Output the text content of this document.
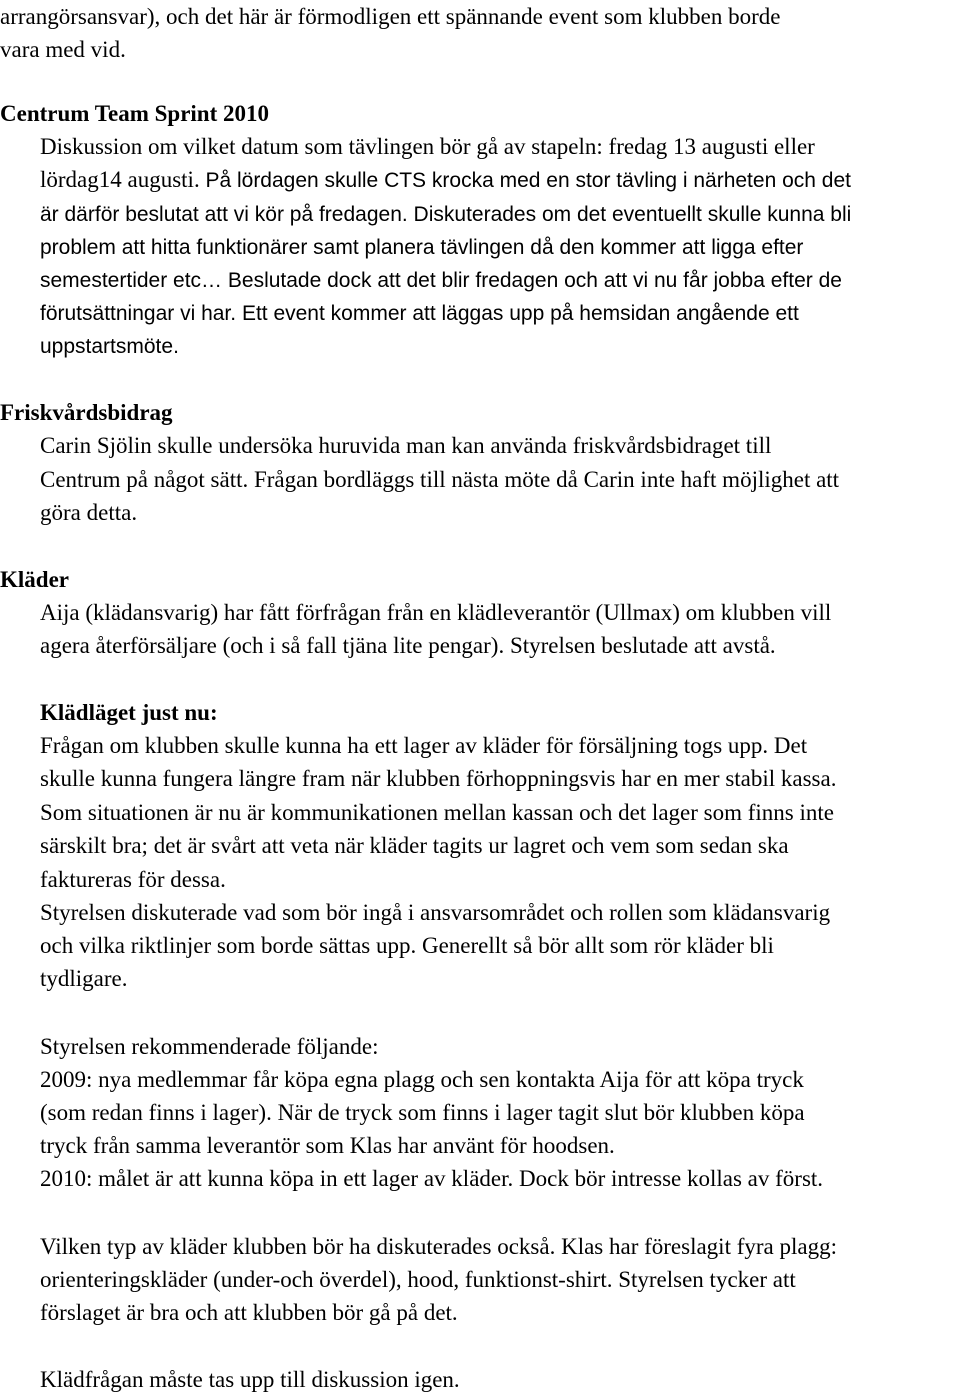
arrangörsansvar), och det här är förmodligen ett spännande event som klubben borde
vara med vid.
Centrum Team Sprint 2010
Diskussion om vilket datum som tävlingen bör gå av stapeln: fredag 13 augusti eller
lördag14 augusti. På lördagen skulle CTS krocka med en stor tävling i närheten och det
är därför beslutat att vi kör på fredagen. Diskuterades om det eventuellt skulle kunna bli
problem att hitta funktionärer samt planera tävlingen då den kommer att ligga efter
semestertider etc… Beslutade dock att det blir fredagen och att vi nu får jobba efter de
förutsättningar vi har. Ett event kommer att läggas upp på hemsidan angående ett
uppstartsmöte.
Friskvårdsbidrag
Carin Sjölin skulle undersöka huruvida man kan använda friskvårdsbidraget till
Centrum på något sätt. Frågan bordläggs till nästa möte då Carin inte haft möjlighet att
göra detta.
Kläder
Aija (klädansvarig) har fått förfrågan från en klädleverantör (Ullmax) om klubben vill
agera återförsäljare (och i så fall tjäna lite pengar). Styrelsen beslutade att avstå.
Klädläget just nu:
Frågan om klubben skulle kunna ha ett lager av kläder för försäljning togs upp. Det
skulle kunna fungera längre fram när klubben förhoppningsvis har en mer stabil kassa.
Som situationen är nu är kommunikationen mellan kassan och det lager som finns inte
särskilt bra; det är svårt att veta när kläder tagits ur lagret och vem som sedan ska
faktureras för dessa.
Styrelsen diskuterade vad som bör ingå i ansvarsområdet och rollen som klädansvarig
och vilka riktlinjer som borde sättas upp. Generellt så bör allt som rör kläder bli
tydligare.
Styrelsen rekommenderade följande:
2009: nya medlemmar får köpa egna plagg och sen kontakta Aija för att köpa tryck
(som redan finns i lager). När de tryck som finns i lager tagit slut bör klubben köpa
tryck från samma leverantör som Klas har använt för hoodsen.
2010: målet är att kunna köpa in ett lager av kläder. Dock bör intresse kollas av först.
Vilken typ av kläder klubben bör ha diskuterades också. Klas har föreslagit fyra plagg:
orienteringskläder (under-och överdel), hood, funktionst-shirt. Styrelsen tycker att
förslaget är bra och att klubben bör gå på det.
Klädfrågan måste tas upp till diskussion igen.
